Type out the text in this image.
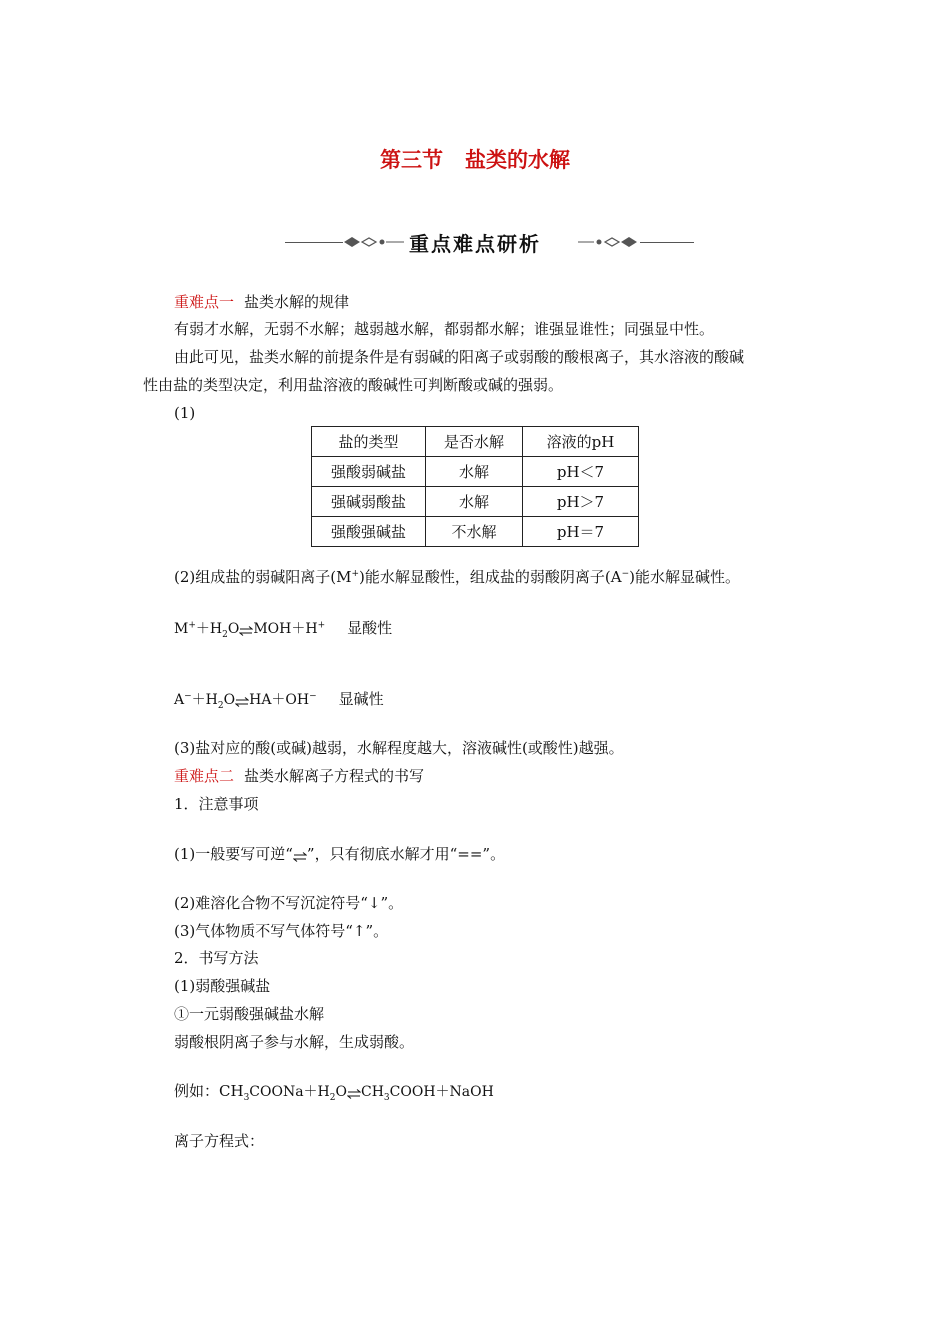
第三节 盐类的水解
重点难点研析
重难点一 盐类水解的规律
有弱才水解，无弱不水解；越弱越水解，都弱都水解；谁强显谁性；同强显中性。
由此可见，盐类水解的前提条件是有弱碱的阳离子或弱酸的酸根离子，其水溶液的酸碱
性由盐的类型决定，利用盐溶液的酸碱性可判断酸或碱的强弱。
(1)
盐的类型	是否水解	溶液的pH
强酸弱碱盐	水解	pH＜7
强碱弱酸盐	水解	pH＞7
强酸强碱盐	不水解	pH＝7
(2)组成盐的弱碱阳离子(M+)能水解显酸性，组成盐的弱酸阴离子(A−)能水解显碱性。
$M^++H_2O\rightleftharpoons MOH+H^+$ 显酸性
$A^-+H_2O\rightleftharpoons HA+OH^-$ 显碱性
(3)盐对应的酸(或碱)越弱，水解程度越大，溶液碱性(或酸性)越强。
重难点二 盐类水解离子方程式的书写
1．注意事项
(1)一般要写可逆“⇌”，只有彻底水解才用“==”。
(2)难溶化合物不写沉淀符号“↓”。
(3)气体物质不写气体符号“↑”。
2．书写方法
(1)弱酸强碱盐
①一元弱酸强碱盐水解
弱酸根阴离子参与水解，生成弱酸。
例如：$CH_3COONa+H_2O\rightleftharpoons CH_3COOH+NaOH$
离子方程式：
